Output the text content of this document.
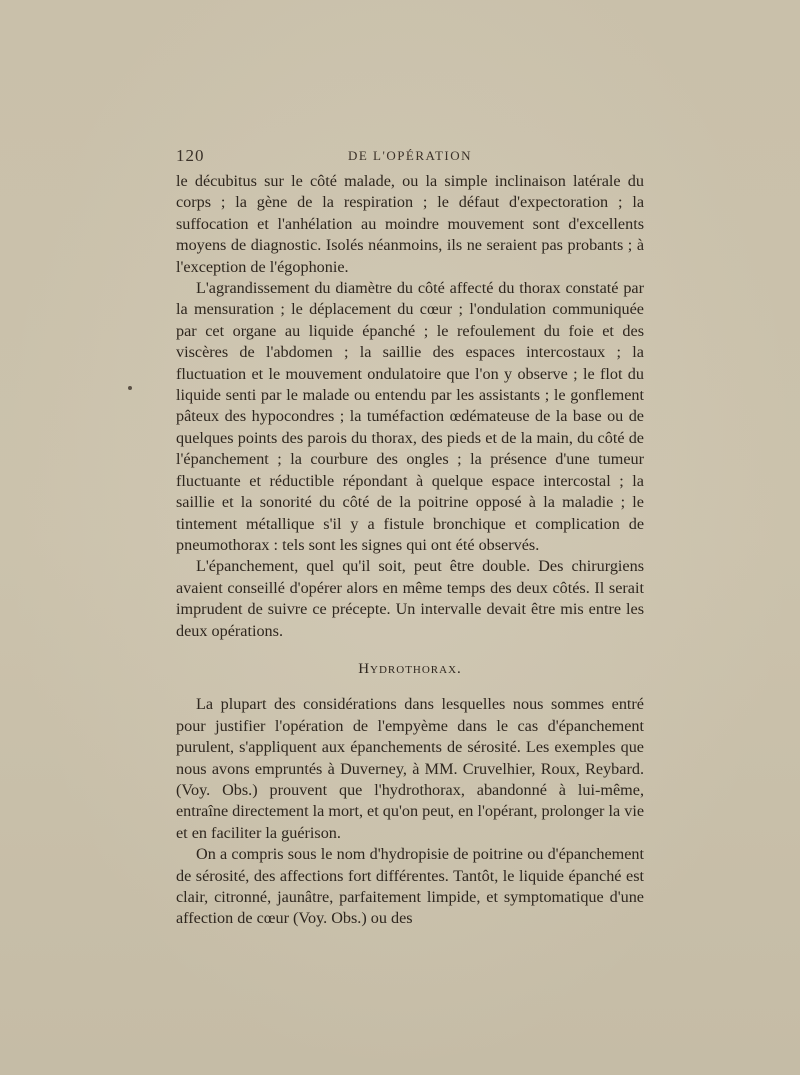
120	DE L'OPÉRATION

le décubitus sur le côté malade, ou la simple inclinaison latérale du corps ; la gène de la respiration ; le défaut d'expectoration ; la suffocation et l'anhélation au moindre mouvement sont d'excellents moyens de diagnostic. Isolés néanmoins, ils ne seraient pas probants ; à l'exception de l'égophonie.

L'agrandissement du diamètre du côté affecté du thorax constaté par la mensuration ; le déplacement du cœur ; l'ondulation communiquée par cet organe au liquide épanché ; le refoulement du foie et des viscères de l'abdomen ; la saillie des espaces intercostaux ; la fluctuation et le mouvement ondulatoire que l'on y observe ; le flot du liquide senti par le malade ou entendu par les assistants ; le gonflement pâteux des hypocondres ; la tuméfaction œdémateuse de la base ou de quelques points des parois du thorax, des pieds et de la main, du côté de l'épanchement ; la courbure des ongles ; la présence d'une tumeur fluctuante et réductible répondant à quelque espace intercostal ; la saillie et la sonorité du côté de la poitrine opposé à la maladie ; le tintement métallique s'il y a fistule bronchique et complication de pneumothorax : tels sont les signes qui ont été observés.

L'épanchement, quel qu'il soit, peut être double. Des chirurgiens avaient conseillé d'opérer alors en même temps des deux côtés. Il serait imprudent de suivre ce précepte. Un intervalle devait être mis entre les deux opérations.

Hydrothorax.

La plupart des considérations dans lesquelles nous sommes entré pour justifier l'opération de l'empyème dans le cas d'épanchement purulent, s'appliquent aux épanchements de sérosité. Les exemples que nous avons empruntés à Duverney, à MM. Cruvelhier, Roux, Reybard. (Voy. Obs.) prouvent que l'hydrothorax, abandonné à lui-même, entraîne directement la mort, et qu'on peut, en l'opérant, prolonger la vie et en faciliter la guérison.

On a compris sous le nom d'hydropisie de poitrine ou d'épanchement de sérosité, des affections fort différentes. Tantôt, le liquide épanché est clair, citronné, jaunâtre, parfaitement limpide, et symptomatique d'une affection de cœur (Voy. Obs.) ou des
